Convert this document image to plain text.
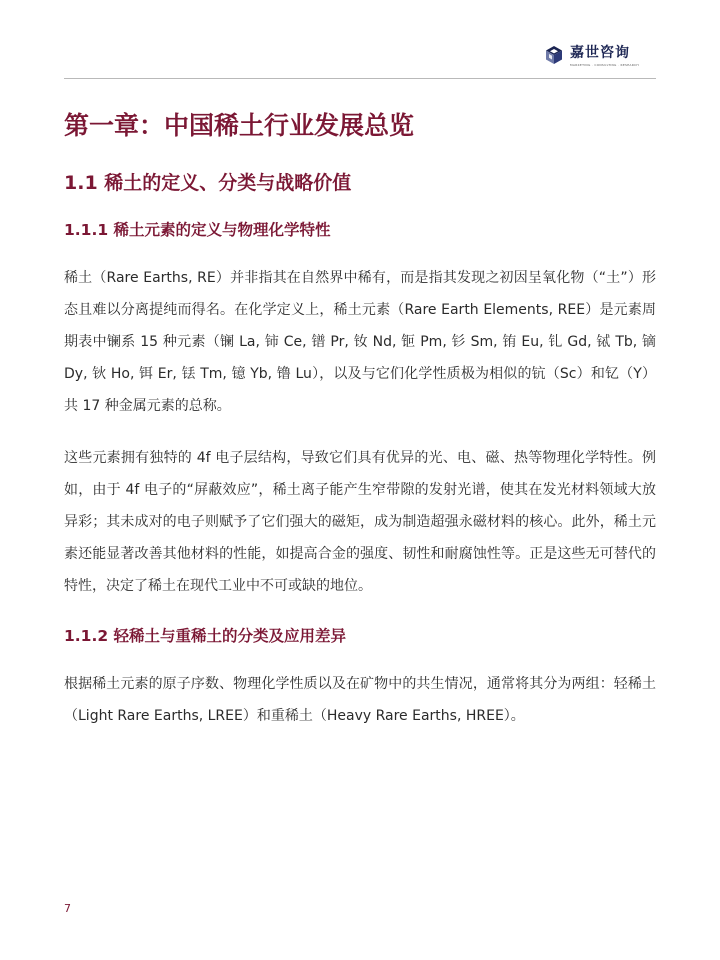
嘉世咨询
MARKETING · CONSULTING · RESEARCH
第一章：中国稀土行业发展总览
1.1 稀土的定义、分类与战略价值
1.1.1 稀土元素的定义与物理化学特性

稀土（Rare Earths, RE）并非指其在自然界中稀有，而是指其发现之初因呈氧化物（“土”）形态且难以分离提纯而得名。在化学定义上，稀土元素（Rare Earth Elements, REE）是元素周期表中镧系 15 种元素（镧 La, 铈 Ce, 镨 Pr, 钕 Nd, 钷 Pm, 钐 Sm, 铕 Eu, 钆 Gd, 铽 Tb, 镝 Dy, 钬 Ho, 铒 Er, 铥 Tm, 镱 Yb, 镥 Lu），以及与它们化学性质极为相似的钪（Sc）和钇（Y）共 17 种金属元素的总称。

这些元素拥有独特的 4f 电子层结构，导致它们具有优异的光、电、磁、热等物理化学特性。例如，由于 4f 电子的“屏蔽效应”，稀土离子能产生窄带隙的发射光谱，使其在发光材料领域大放异彩；其未成对的电子则赋予了它们强大的磁矩，成为制造超强永磁材料的核心。此外，稀土元素还能显著改善其他材料的性能，如提高合金的强度、韧性和耐腐蚀性等。正是这些无可替代的特性，决定了稀土在现代工业中不可或缺的地位。

1.1.2 轻稀土与重稀土的分类及应用差异

根据稀土元素的原子序数、物理化学性质以及在矿物中的共生情况，通常将其分为两组：轻稀土（Light Rare Earths, LREE）和重稀土（Heavy Rare Earths, HREE）。

7
